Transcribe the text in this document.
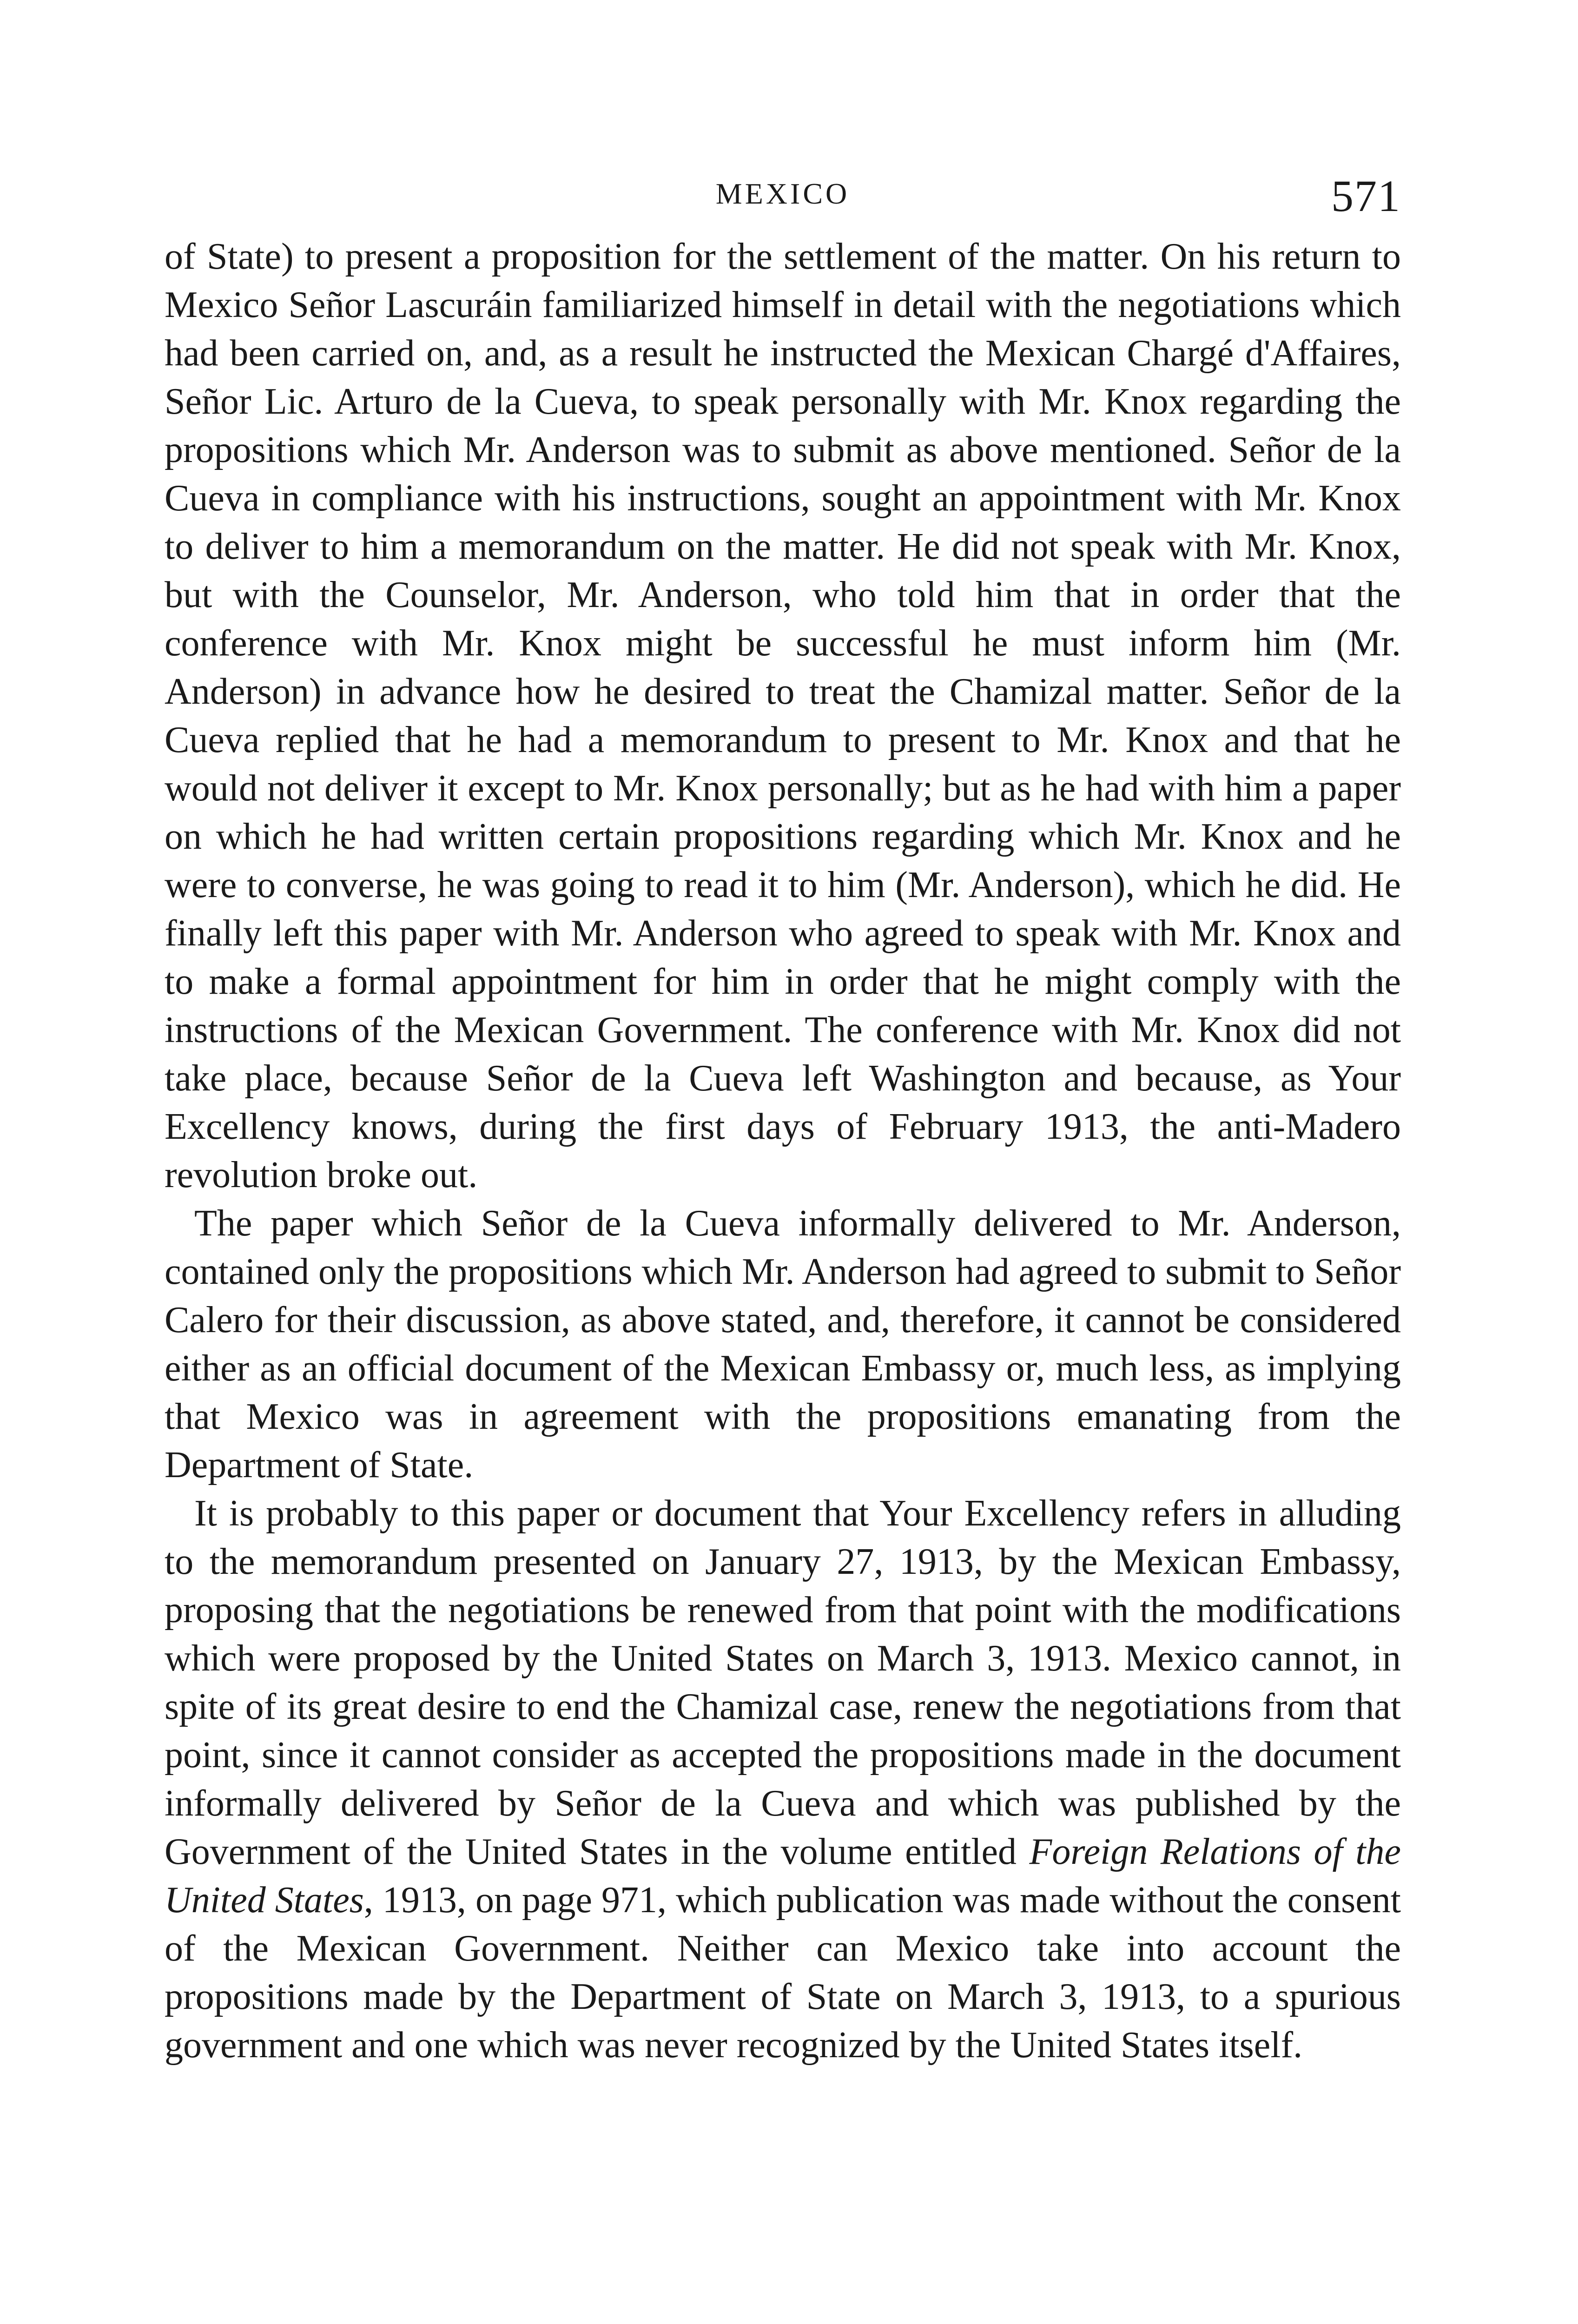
MEXICO	571

of State) to present a proposition for the settlement of the matter. On his return to Mexico Señor Lascuráin familiarized himself in detail with the negotiations which had been carried on, and, as a result he instructed the Mexican Chargé d'Affaires, Señor Lic. Arturo de la Cueva, to speak personally with Mr. Knox regarding the propositions which Mr. Anderson was to submit as above mentioned. Señor de la Cueva in compliance with his instructions, sought an appointment with Mr. Knox to deliver to him a memorandum on the matter. He did not speak with Mr. Knox, but with the Counselor, Mr. Anderson, who told him that in order that the conference with Mr. Knox might be successful he must inform him (Mr. Anderson) in advance how he desired to treat the Chamizal matter. Señor de la Cueva replied that he had a memorandum to present to Mr. Knox and that he would not deliver it except to Mr. Knox personally; but as he had with him a paper on which he had written certain propositions regarding which Mr. Knox and he were to converse, he was going to read it to him (Mr. Anderson), which he did. He finally left this paper with Mr. Anderson who agreed to speak with Mr. Knox and to make a formal appointment for him in order that he might comply with the instructions of the Mexican Government. The conference with Mr. Knox did not take place, because Señor de la Cueva left Washington and because, as Your Excellency knows, during the first days of February 1913, the anti-Madero revolution broke out.

The paper which Señor de la Cueva informally delivered to Mr. Anderson, contained only the propositions which Mr. Anderson had agreed to submit to Señor Calero for their discussion, as above stated, and, therefore, it cannot be considered either as an official document of the Mexican Embassy or, much less, as implying that Mexico was in agreement with the propositions emanating from the Department of State.

It is probably to this paper or document that Your Excellency refers in alluding to the memorandum presented on January 27, 1913, by the Mexican Embassy, proposing that the negotiations be renewed from that point with the modifications which were proposed by the United States on March 3, 1913. Mexico cannot, in spite of its great desire to end the Chamizal case, renew the negotiations from that point, since it cannot consider as accepted the propositions made in the document informally delivered by Señor de la Cueva and which was published by the Government of the United States in the volume entitled Foreign Relations of the United States, 1913, on page 971, which publication was made without the consent of the Mexican Government. Neither can Mexico take into account the propositions made by the Department of State on March 3, 1913, to a spurious government and one which was never recognized by the United States itself.
